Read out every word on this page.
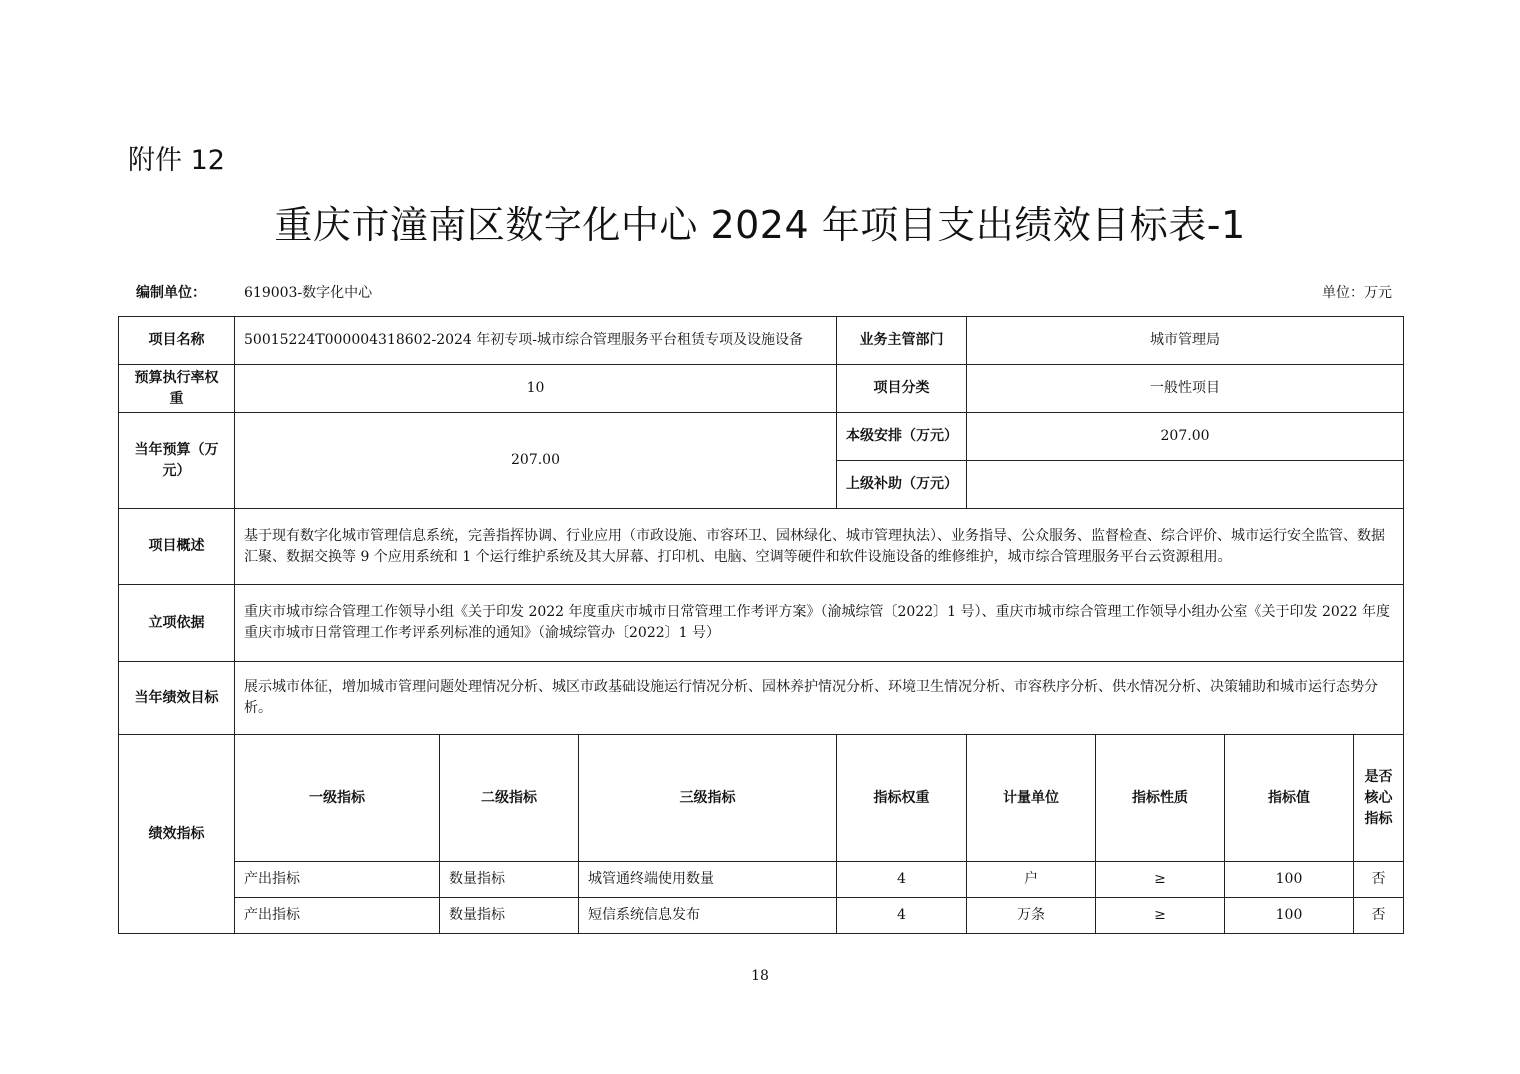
附件 12
重庆市潼南区数字化中心 2024 年项目支出绩效目标表-1
编制单位：	619003-数字化中心	单位：万元
项目名称	50015224T000004318602-2024 年初专项-城市综合管理服务平台租赁专项及设施设备			业务主管部门	城市管理局			
预算执行率权重	10			项目分类	一般性项目			
当年预算（万元）	207.00			本级安排（万元）	207.00			
				上级补助（万元）				
项目概述	基于现有数字化城市管理信息系统，完善指挥协调、行业应用（市政设施、市容环卫、园林绿化、城市管理执法）、业务指导、公众服务、监督检查、综合评价、城市运行安全监管、数据汇聚、数据交换等 9 个应用系统和 1 个运行维护系统及其大屏幕、打印机、电脑、空调等硬件和软件设施设备的维修维护，城市综合管理服务平台云资源租用。							
立项依据	重庆市城市综合管理工作领导小组《关于印发 2022 年度重庆市城市日常管理工作考评方案》（渝城综管〔2022〕1 号）、重庆市城市综合管理工作领导小组办公室《关于印发 2022 年度重庆市城市日常管理工作考评系列标准的通知》（渝城综管办〔2022〕1 号）							
当年绩效目标	展示城市体征，增加城市管理问题处理情况分析、城区市政基础设施运行情况分析、园林养护情况分析、环境卫生情况分析、市容秩序分析、供水情况分析、决策辅助和城市运行态势分析。							
绩效指标	一级指标	二级指标	三级指标	指标权重	计量单位	指标性质	指标值	是否核心指标
	产出指标	数量指标	城管通终端使用数量	4	户	≥	100	否
	产出指标	数量指标	短信系统信息发布	4	万条	≥	100	否
18
